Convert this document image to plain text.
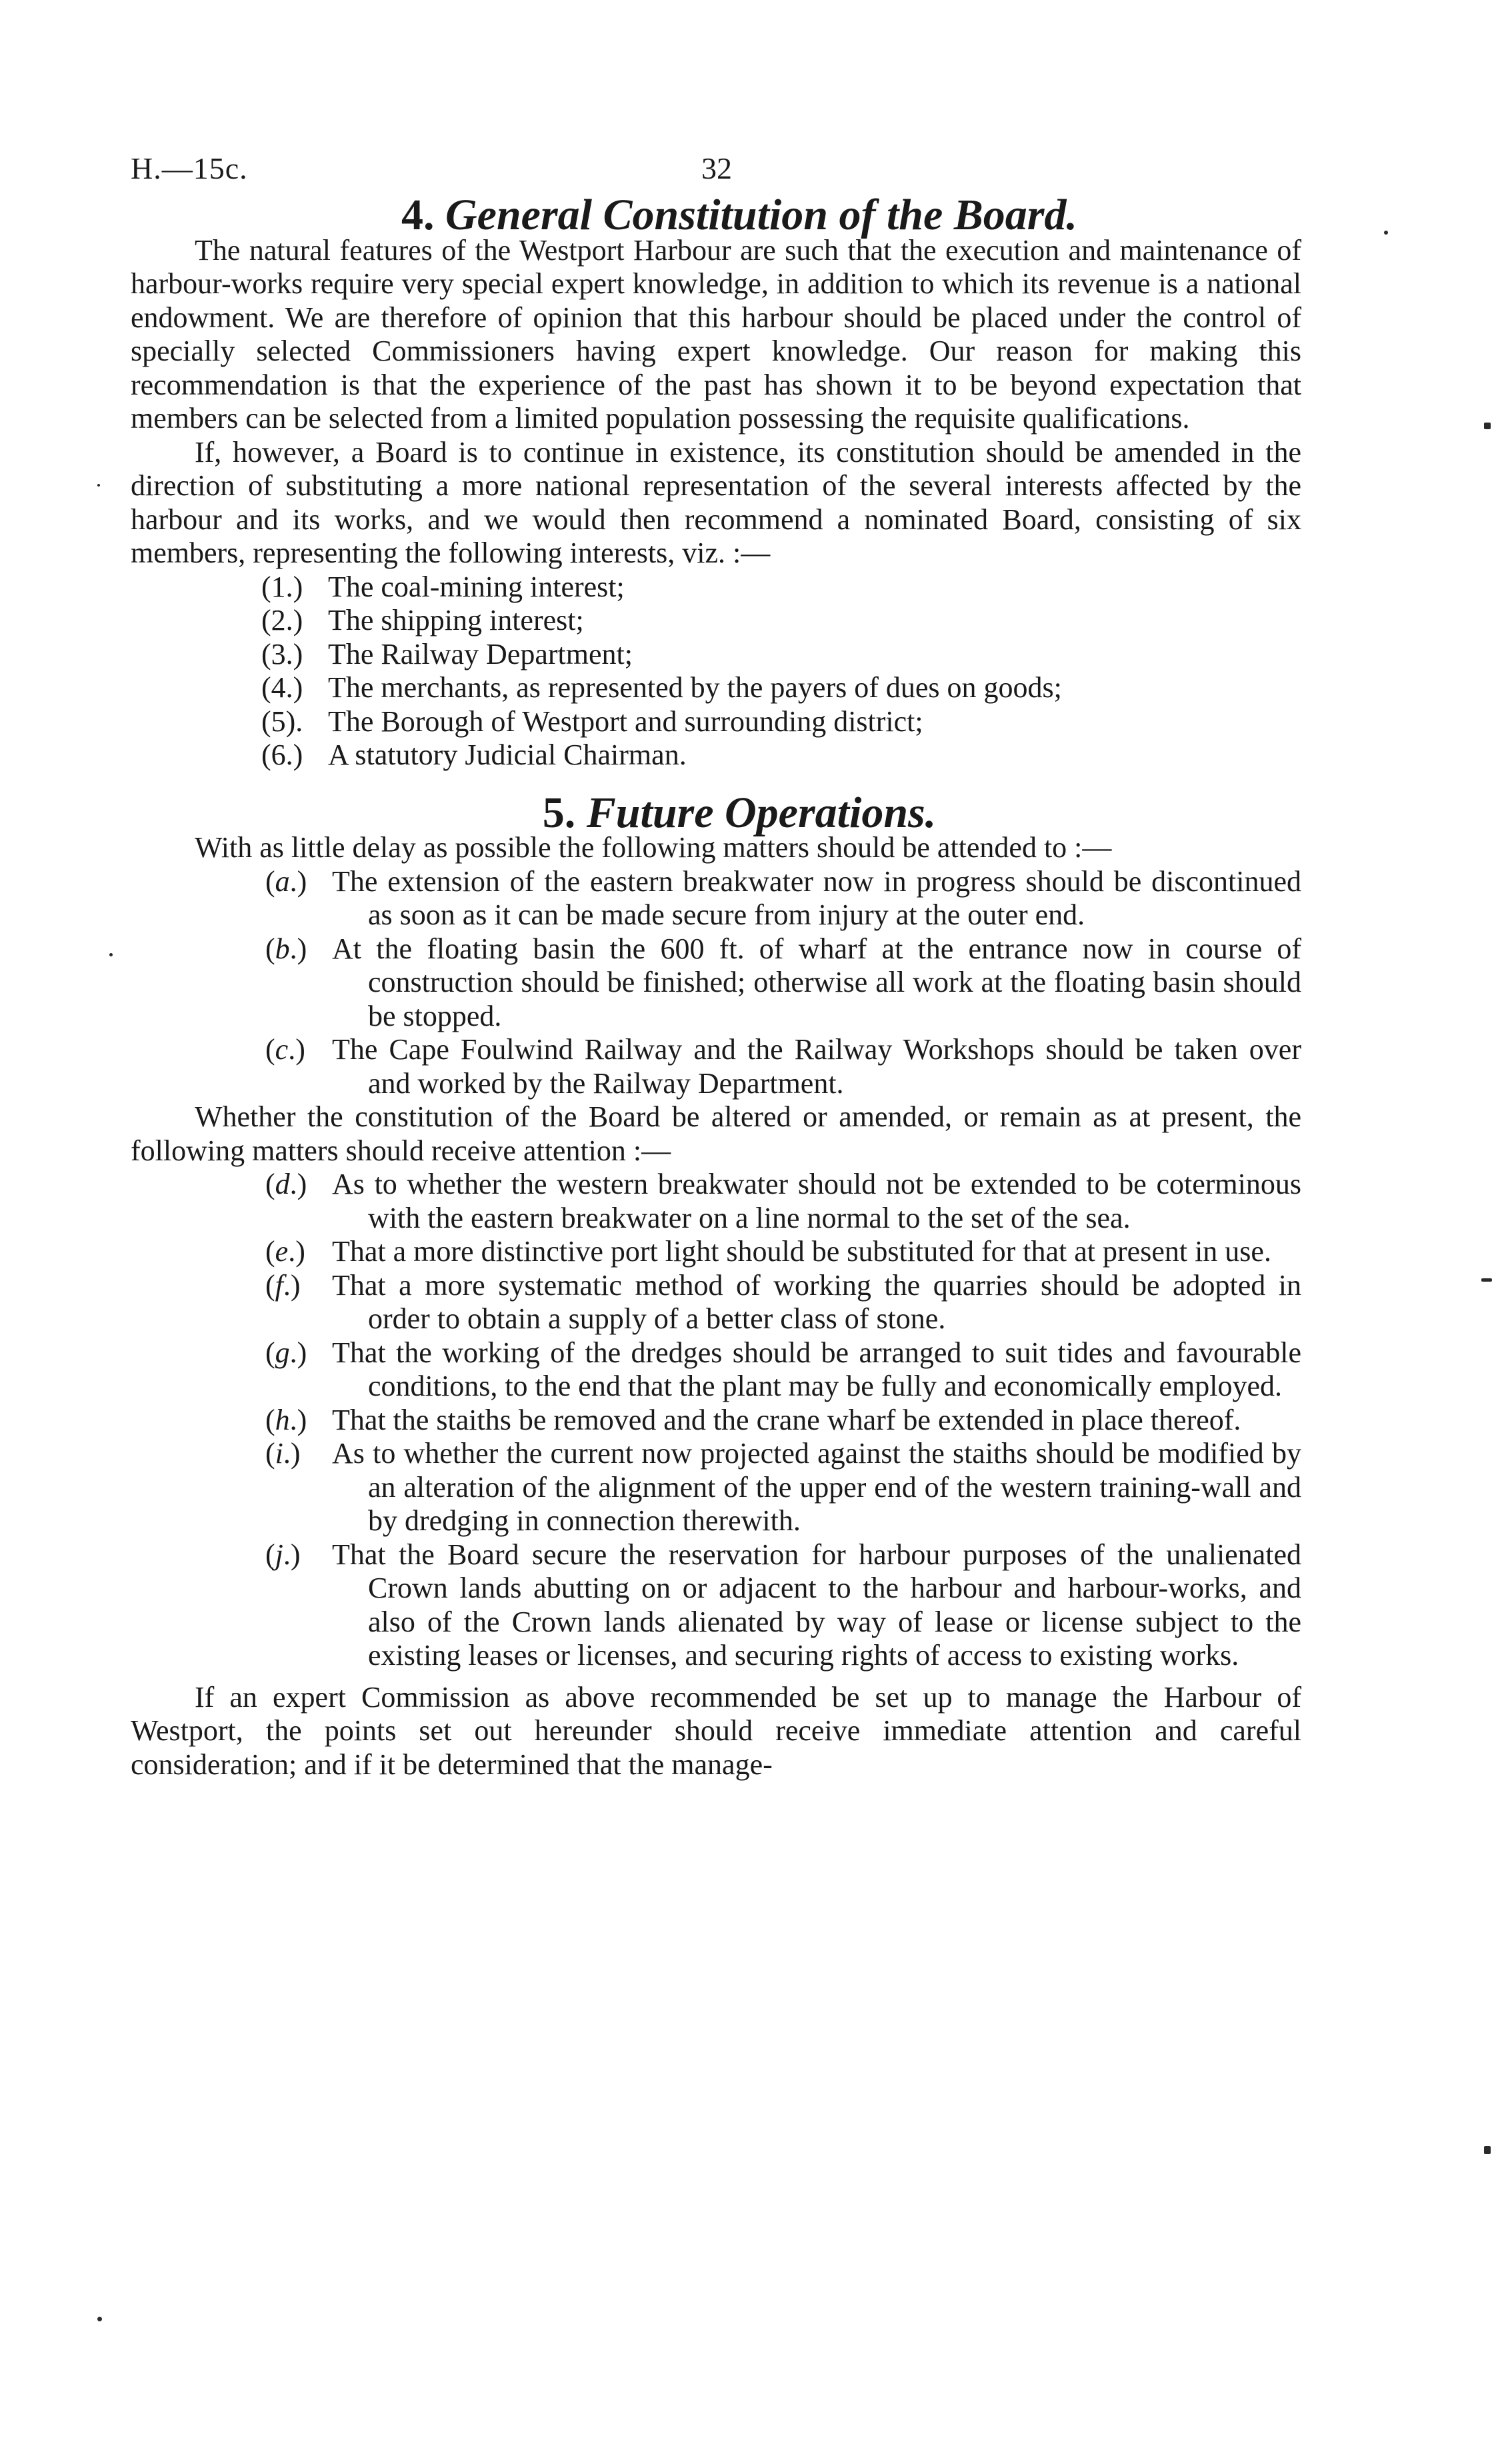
H.—15c.	32
4. General Constitution of the Board.

The natural features of the Westport Harbour are such that the execution and maintenance of harbour-works require very special expert knowledge, in addition to which its revenue is a national endowment. We are therefore of opinion that this harbour should be placed under the control of specially selected Commissioners having expert knowledge. Our reason for making this recommendation is that the experience of the past has shown it to be beyond expectation that members can be selected from a limited population possessing the requisite qualifications.

If, however, a Board is to continue in existence, its constitution should be amended in the direction of substituting a more national representation of the several interests affected by the harbour and its works, and we would then recommend a nominated Board, consisting of six members, representing the following interests, viz. :—

(1.) The coal-mining interest;
(2.) The shipping interest;
(3.) The Railway Department;
(4.) The merchants, as represented by the payers of dues on goods;
(5). The Borough of Westport and surrounding district;
(6.) A statutory Judicial Chairman.
5. Future Operations.

With as little delay as possible the following matters should be attended to :—

(a.) The extension of the eastern breakwater now in progress should be discontinued as soon as it can be made secure from injury at the outer end.
(b.) At the floating basin the 600 ft. of wharf at the entrance now in course of construction should be finished; otherwise all work at the floating basin should be stopped.
(c.) The Cape Foulwind Railway and the Railway Workshops should be taken over and worked by the Railway Department.

Whether the constitution of the Board be altered or amended, or remain as at present, the following matters should receive attention :—

(d.) As to whether the western breakwater should not be extended to be coterminous with the eastern breakwater on a line normal to the set of the sea.
(e.) That a more distinctive port light should be substituted for that at present in use.
(f.) That a more systematic method of working the quarries should be adopted in order to obtain a supply of a better class of stone.
(g.) That the working of the dredges should be arranged to suit tides and favourable conditions, to the end that the plant may be fully and economically employed.
(h.) That the staiths be removed and the crane wharf be extended in place thereof.
(i.) As to whether the current now projected against the staiths should be modified by an alteration of the alignment of the upper end of the western training-wall and by dredging in connection therewith.
(j.) That the Board secure the reservation for harbour purposes of the unalienated Crown lands abutting on or adjacent to the harbour and harbour-works, and also of the Crown lands alienated by way of lease or license subject to the existing leases or licenses, and securing rights of access to existing works.

If an expert Commission as above recommended be set up to manage the Harbour of Westport, the points set out hereunder should receive immediate attention and careful consideration; and if it be determined that the manage-
